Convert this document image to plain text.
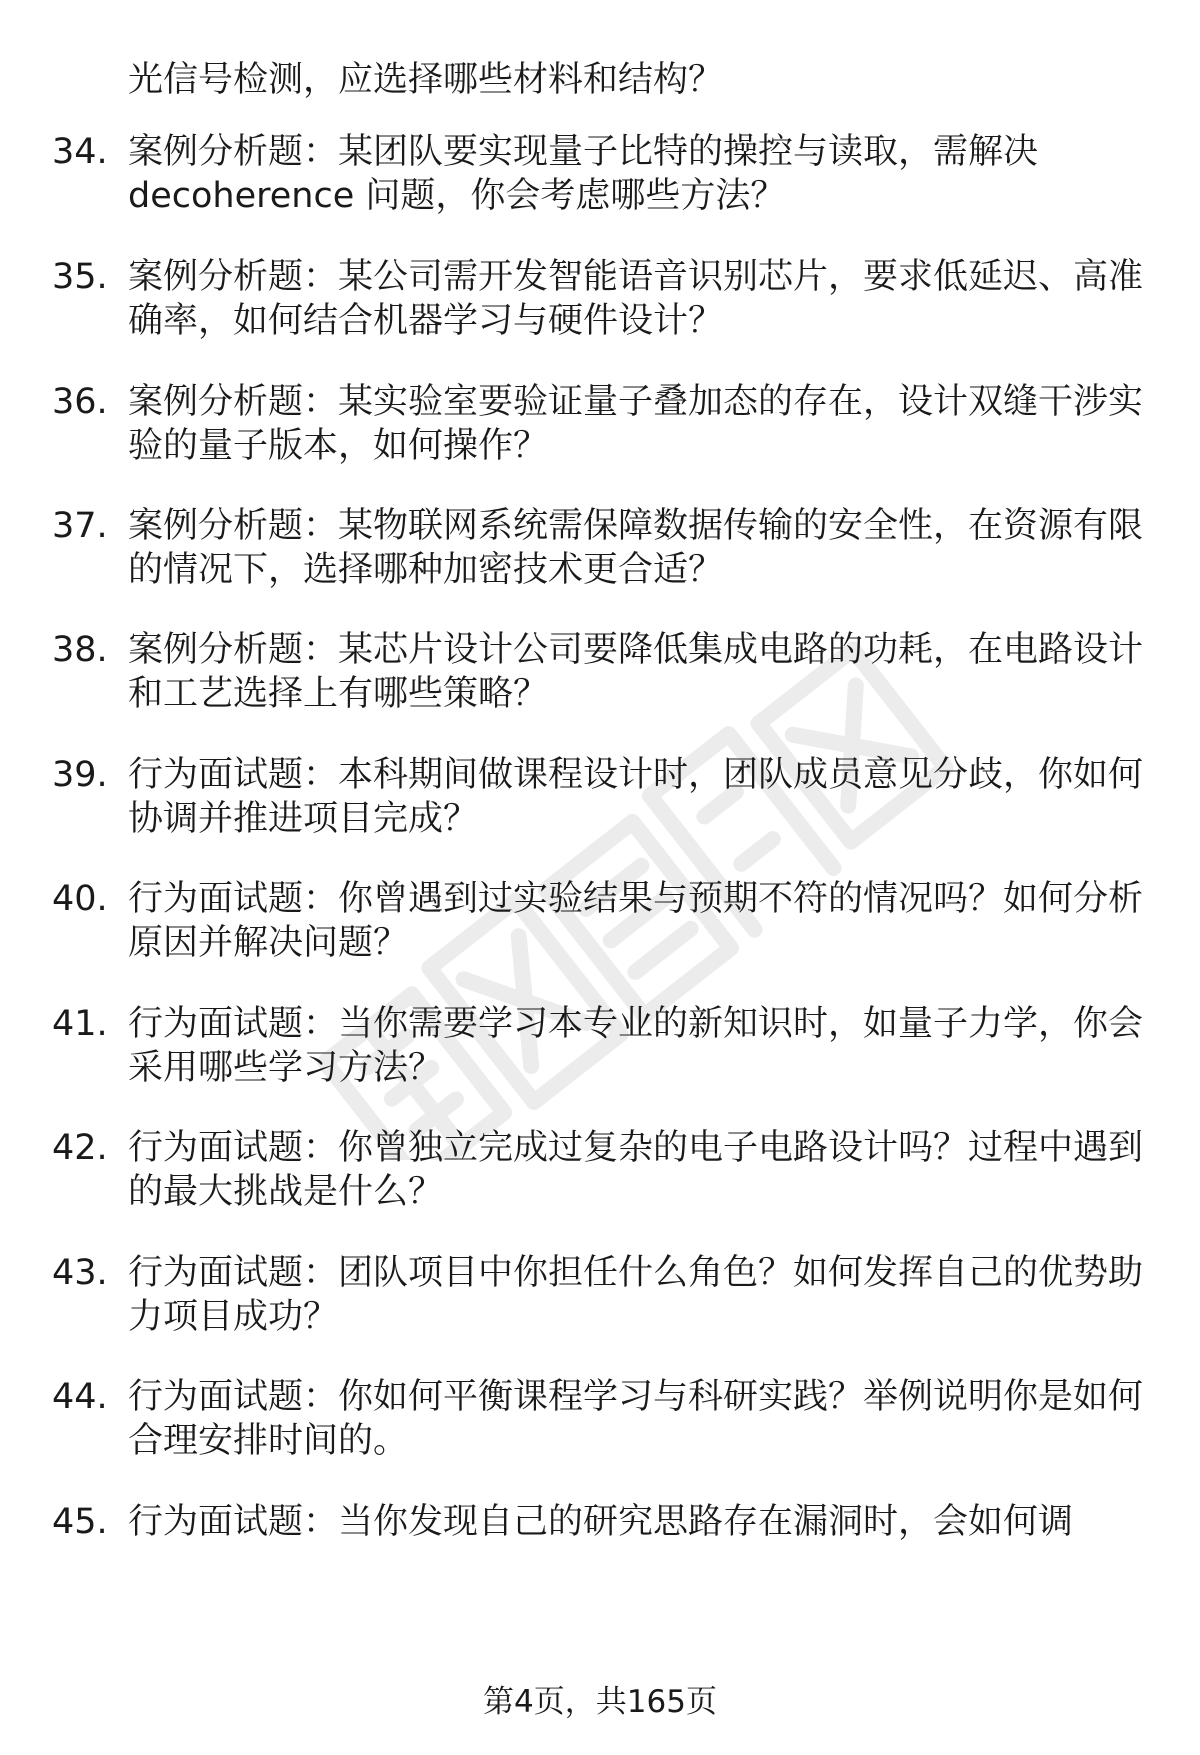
光信号检测，应选择哪些材料和结构？
34. 案例分析题：某团队要实现量子比特的操控与读取，需解决 decoherence 问题，你会考虑哪些方法？
35. 案例分析题：某公司需开发智能语音识别芯片，要求低延迟、高准确率，如何结合机器学习与硬件设计？
36. 案例分析题：某实验室要验证量子叠加态的存在，设计双缝干涉实验的量子版本，如何操作？
37. 案例分析题：某物联网系统需保障数据传输的安全性，在资源有限的情况下，选择哪种加密技术更合适？
38. 案例分析题：某芯片设计公司要降低集成电路的功耗，在电路设计和工艺选择上有哪些策略？
39. 行为面试题：本科期间做课程设计时，团队成员意见分歧，你如何协调并推进项目完成？
40. 行为面试题：你曾遇到过实验结果与预期不符的情况吗？如何分析原因并解决问题？
41. 行为面试题：当你需要学习本专业的新知识时，如量子力学，你会采用哪些学习方法？
42. 行为面试题：你曾独立完成过复杂的电子电路设计吗？过程中遇到的最大挑战是什么？
43. 行为面试题：团队项目中你担任什么角色？如何发挥自己的优势助力项目成功？
44. 行为面试题：你如何平衡课程学习与科研实践？举例说明你是如何合理安排时间的。
45. 行为面试题：当你发现自己的研究思路存在漏洞时，会如何调
第4页，共165页
